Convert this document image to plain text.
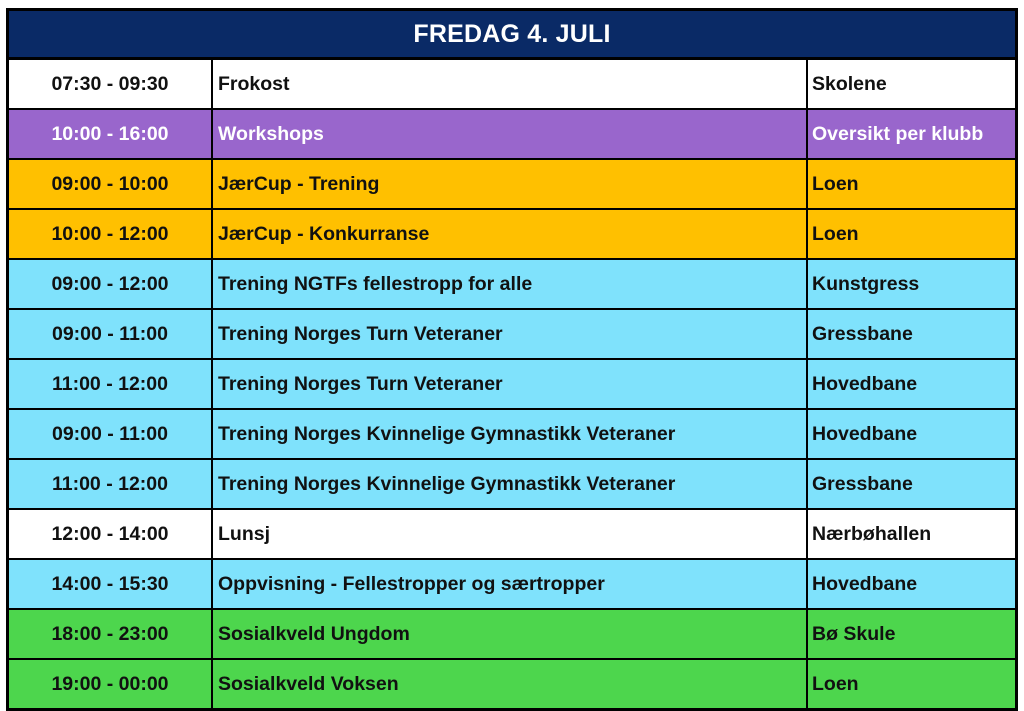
FREDAG 4. JULI
07:30 - 09:30	Frokost	Skolene
10:00 - 16:00	Workshops	Oversikt per klubb
09:00 - 10:00	JærCup - Trening	Loen
10:00 - 12:00	JærCup - Konkurranse	Loen
09:00 - 12:00	Trening NGTFs fellestropp for alle	Kunstgress
09:00 - 11:00	Trening Norges Turn Veteraner	Gressbane
11:00 - 12:00	Trening Norges Turn Veteraner	Hovedbane
09:00 - 11:00	Trening Norges Kvinnelige Gymnastikk Veteraner	Hovedbane
11:00 - 12:00	Trening Norges Kvinnelige Gymnastikk Veteraner	Gressbane
12:00 - 14:00	Lunsj	Nærbøhallen
14:00 - 15:30	Oppvisning - Fellestropper og særtropper	Hovedbane
18:00 - 23:00	Sosialkveld Ungdom	Bø Skule
19:00 - 00:00	Sosialkveld Voksen	Loen
